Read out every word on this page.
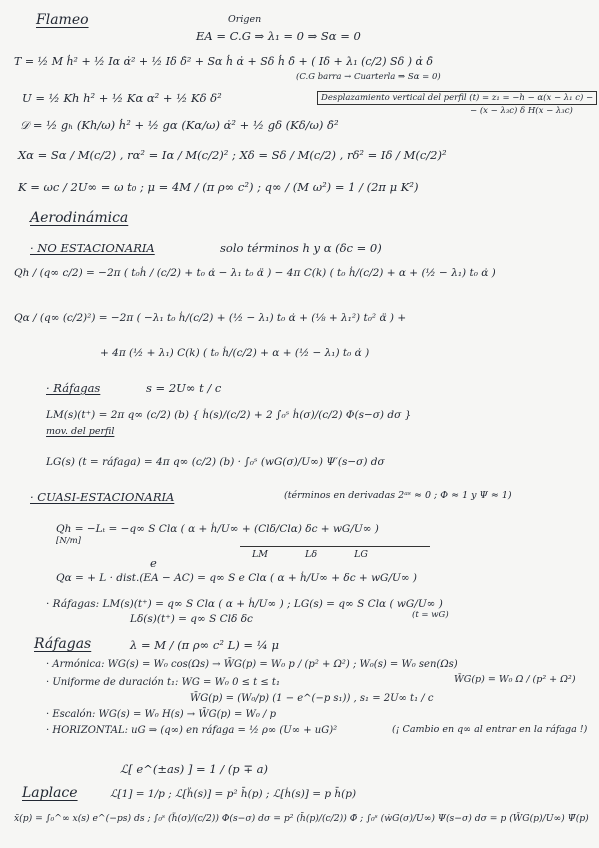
Flameo	Origen
EA = C.G ⇒ λ₁ = 0 ⇒ Sα = 0
T = ½ M ḣ² + ½ Iα α̇² + ½ Iδ δ̇² + Sα ḣ α̇ + Sδ ḣ δ̇ + ( Iδ + λ₁ (c/2) Sδ ) α̇ δ̇
(C.G barra → Cuarterla ⇒ Sα = 0)
U = ½ Kh h² + ½ Kα α² + ½ Kδ δ²	Desplazamiento vertical del perfil (t) = z₁ = −h − α(x − λ₁ c) −
− (x − λ₃c) δ H(x − λ₃c)
𝒟 = ½ gₕ (Kh/ω) ḣ² + ½ gα (Kα/ω) α̇² + ½ gδ (Kδ/ω) δ̇²
Xα = Sα / M(c/2) , rα² = Iα / M(c/2)² ; Xδ = Sδ / M(c/2) , rδ² = Iδ / M(c/2)²
K = ωc / 2U∞ = ω t₀ ; μ = 4M / (π ρ∞ c²) ; q∞ / (M ω²) = 1 / (2π μ K²)
Aerodinámica
· NO ESTACIONARIA	solo términos h y α (δc = 0)
Qh / (q∞ c/2) = −2π ( t₀ḣ / (c/2) + t₀ α̇ − λ₁ t₀ α̈ ) − 4π C(k) ( t₀ ḣ/(c/2) + α + (½ − λ₁) t₀ α̇ )
Qα / (q∞ (c/2)²) = −2π ( −λ₁ t₀ ḣ/(c/2) + (½ − λ₁) t₀ α̇ + (⅛ + λ₁²) t₀² α̈ ) +
+ 4π (½ + λ₁) C(k) ( t₀ ḣ/(c/2) + α + (½ − λ₁) t₀ α̇ )
· Ráfagas	s = 2U∞ t / c
LM(s)(t⁺) = 2π q∞ (c/2) (b) { ḣ(s)/(c/2) + 2 ∫₀ˢ ḣ(σ)/(c/2) Φ(s−σ) dσ }
mov. del perfil
LG(s) (t = ráfaga) = 4π q∞ (c/2) (b) · ∫₀ˢ (wG(σ)/U∞) Ψ′(s−σ) dσ
· CUASI-ESTACIONARIA	(términos en derivadas 2ᵃˢ ≈ 0 ; Φ ≈ 1 y Ψ ≈ 1)
Qh = −Lₜ = −q∞ S Clα ( α + ḣ/U∞ + (Clδ/Clα) δc + wG/U∞ )
[N/m]
LM Lδ LG
e
Qα = + L · dist.(EA − AC) = q∞ S e Clα ( α + ḣ/U∞ + δc + wG/U∞ )
· Ráfagas: LM(s)(t⁺) = q∞ S Clα ( α + ḣ/U∞ ) ; LG(s) = q∞ S Clα ( wG/U∞ )
(t = wG)
Lδ(s)(t⁺) = q∞ S Clδ δc
Ráfagas	λ = M / (π ρ∞ c² L) = ¼ μ
· Armónica: WG(s) = W₀ cos(Ωs) → W̄G(p) = W₀ p / (p² + Ω²) ; W₀(s) = W₀ sen(Ωs)
W̄G(p) = W₀ Ω / (p² + Ω²)
· Uniforme de duración t₁: WG = W₀ 0 ≤ t ≤ t₁
W̄G(p) = (W₀/p) (1 − e^(−p s₁)) , s₁ = 2U∞ t₁ / c
· Escalón: WG(s) = W₀ H(s) → W̄G(p) = W₀ / p
· HORIZONTAL: uG ⇒ (q∞) en ráfaga = ½ ρ∞ (U∞ + uG)²	(¡ Cambio en q∞ al entrar en la ráfaga !)
ℒ[ e^(±as) ] = 1 / (p ∓ a)
Laplace	ℒ[1] = 1/p ; ℒ[ḧ(s)] = p² h̄(p) ; ℒ[ḣ(s)] = p h̄(p)
x̄(p) = ∫₀^∞ x(s) e^(−ps) ds ; ∫₀ˢ (ḧ(σ)/(c/2)) Φ(s−σ) dσ = p² (h̄(p)/(c/2)) Φ̄ ; ∫₀ˢ (ẇG(σ)/U∞) Ψ(s−σ) dσ = p (W̄G(p)/U∞) Ψ̄(p)
